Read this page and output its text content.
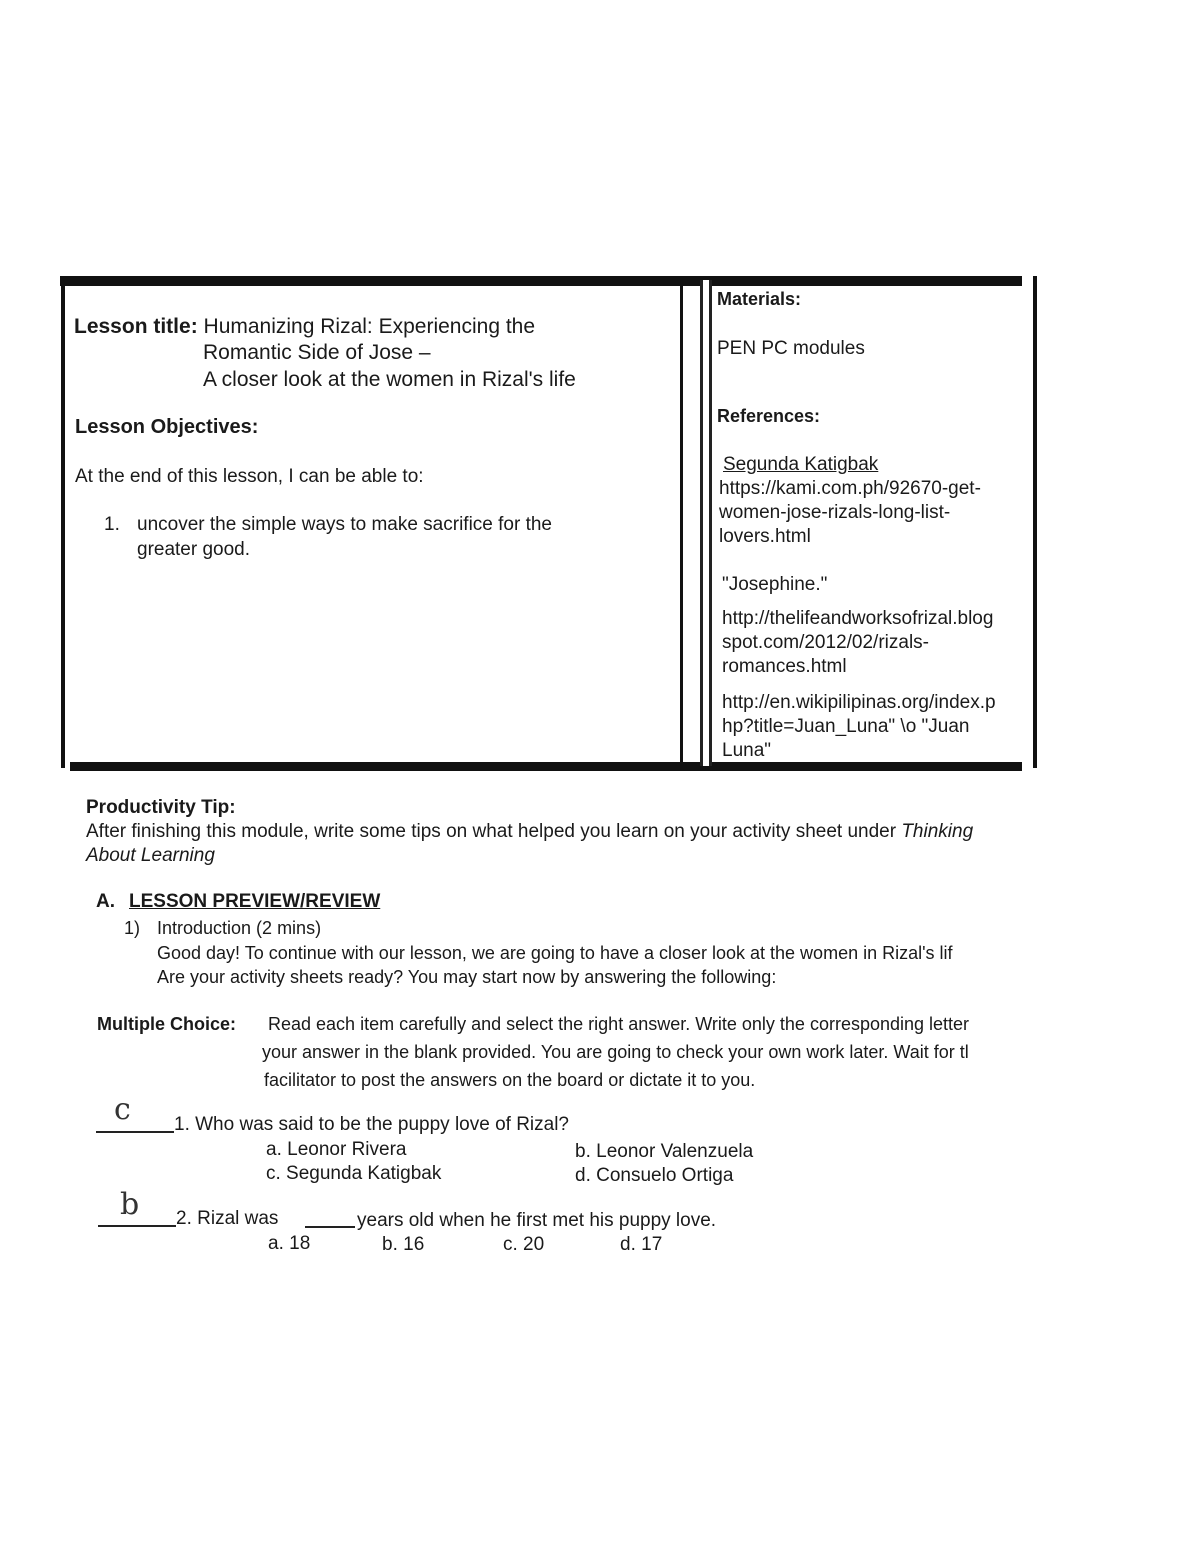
Lesson title: Humanizing Rizal: Experiencing the
Romantic Side of Jose –
A closer look at the women in Rizal's life
Lesson Objectives:
At the end of this lesson, I can be able to:
1. uncover the simple ways to make sacrifice for the
greater good.
Materials:
PEN PC modules
References:
Segunda Katigbak
https://kami.com.ph/92670-get-
women-jose-rizals-long-list-
lovers.html
"Josephine."
http://thelifeandworksofrizal.blog
spot.com/2012/02/rizals-
romances.html
http://en.wikipilipinas.org/index.p
hp?title=Juan_Luna" \o "Juan
Luna"
Productivity Tip:
After finishing this module, write some tips on what helped you learn on your activity sheet under Thinking
About Learning
A. LESSON PREVIEW/REVIEW
1) Introduction (2 mins)
Good day! To continue with our lesson, we are going to have a closer look at the women in Rizal's lif
Are your activity sheets ready? You may start now by answering the following:
Multiple Choice: Read each item carefully and select the right answer. Write only the corresponding letter
your answer in the blank provided. You are going to check your own work later. Wait for tl
facilitator to post the answers on the board or dictate it to you.
c 1. Who was said to be the puppy love of Rizal?
a. Leonor Rivera	b. Leonor Valenzuela
c. Segunda Katigbak	d. Consuelo Ortiga
b 2. Rizal was	years old when he first met his puppy love.
a. 18	b. 16	c. 20	d. 17
